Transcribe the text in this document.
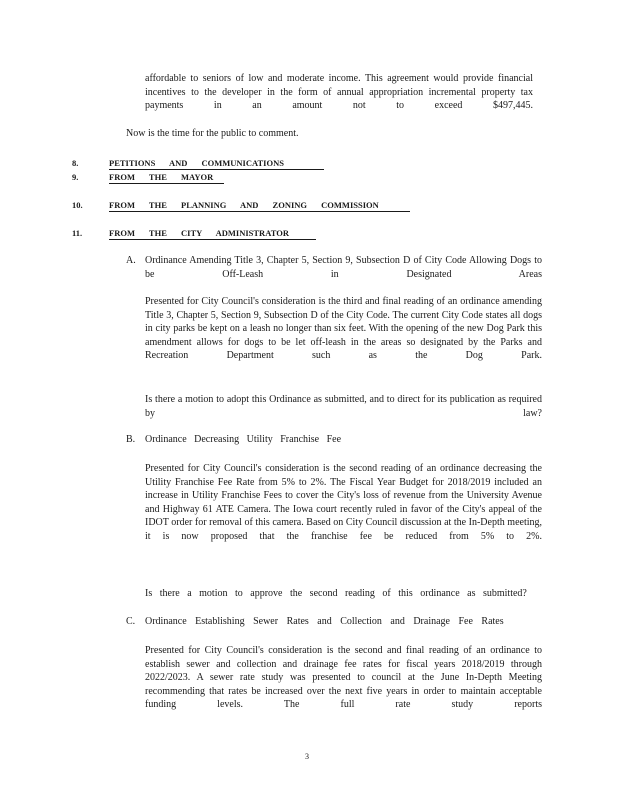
affordable to seniors of low and moderate income. This agreement would provide financial incentives to the developer in the form of annual appropriation incremental property tax payments in an amount not to exceed $497,445.

Now is the time for the public to comment.
8.	PETITIONS AND COMMUNICATIONS
9.	FROM THE MAYOR
10.	FROM THE PLANNING AND ZONING COMMISSION
11.	FROM THE CITY ADMINISTRATOR
A. Ordinance Amending Title 3, Chapter 5, Section 9, Subsection D of City Code Allowing Dogs to be Off-Leash in Designated Areas

Presented for City Council's consideration is the third and final reading of an ordinance amending Title 3, Chapter 5, Section 9, Subsection D of the City Code. The current City Code states all dogs in city parks be kept on a leash no longer than six feet. With the opening of the new Dog Park this amendment allows for dogs to be let off-leash in the areas so designated by the Parks and Recreation Department such as the Dog Park.

Is there a motion to adopt this Ordinance as submitted, and to direct for its publication as required by law?

B. Ordinance Decreasing Utility Franchise Fee

Presented for City Council's consideration is the second reading of an ordinance decreasing the Utility Franchise Fee Rate from 5% to 2%. The Fiscal Year Budget for 2018/2019 included an increase in Utility Franchise Fees to cover the City's loss of revenue from the University Avenue and Highway 61 ATE Camera. The Iowa court recently ruled in favor of the City's appeal of the IDOT order for removal of this camera. Based on City Council discussion at the In-Depth meeting, it is now proposed that the franchise fee be reduced from 5% to 2%.

Is there a motion to approve the second reading of this ordinance as submitted?
C. Ordinance Establishing Sewer Rates and Collection and Drainage Fee Rates

Presented for City Council's consideration is the second and final reading of an ordinance to establish sewer and collection and drainage fee rates for fiscal years 2018/2019 through 2022/2023. A sewer rate study was presented to council at the June In-Depth Meeting recommending that rates be increased over the next five years in order to maintain acceptable funding levels. The full rate study reports

3
